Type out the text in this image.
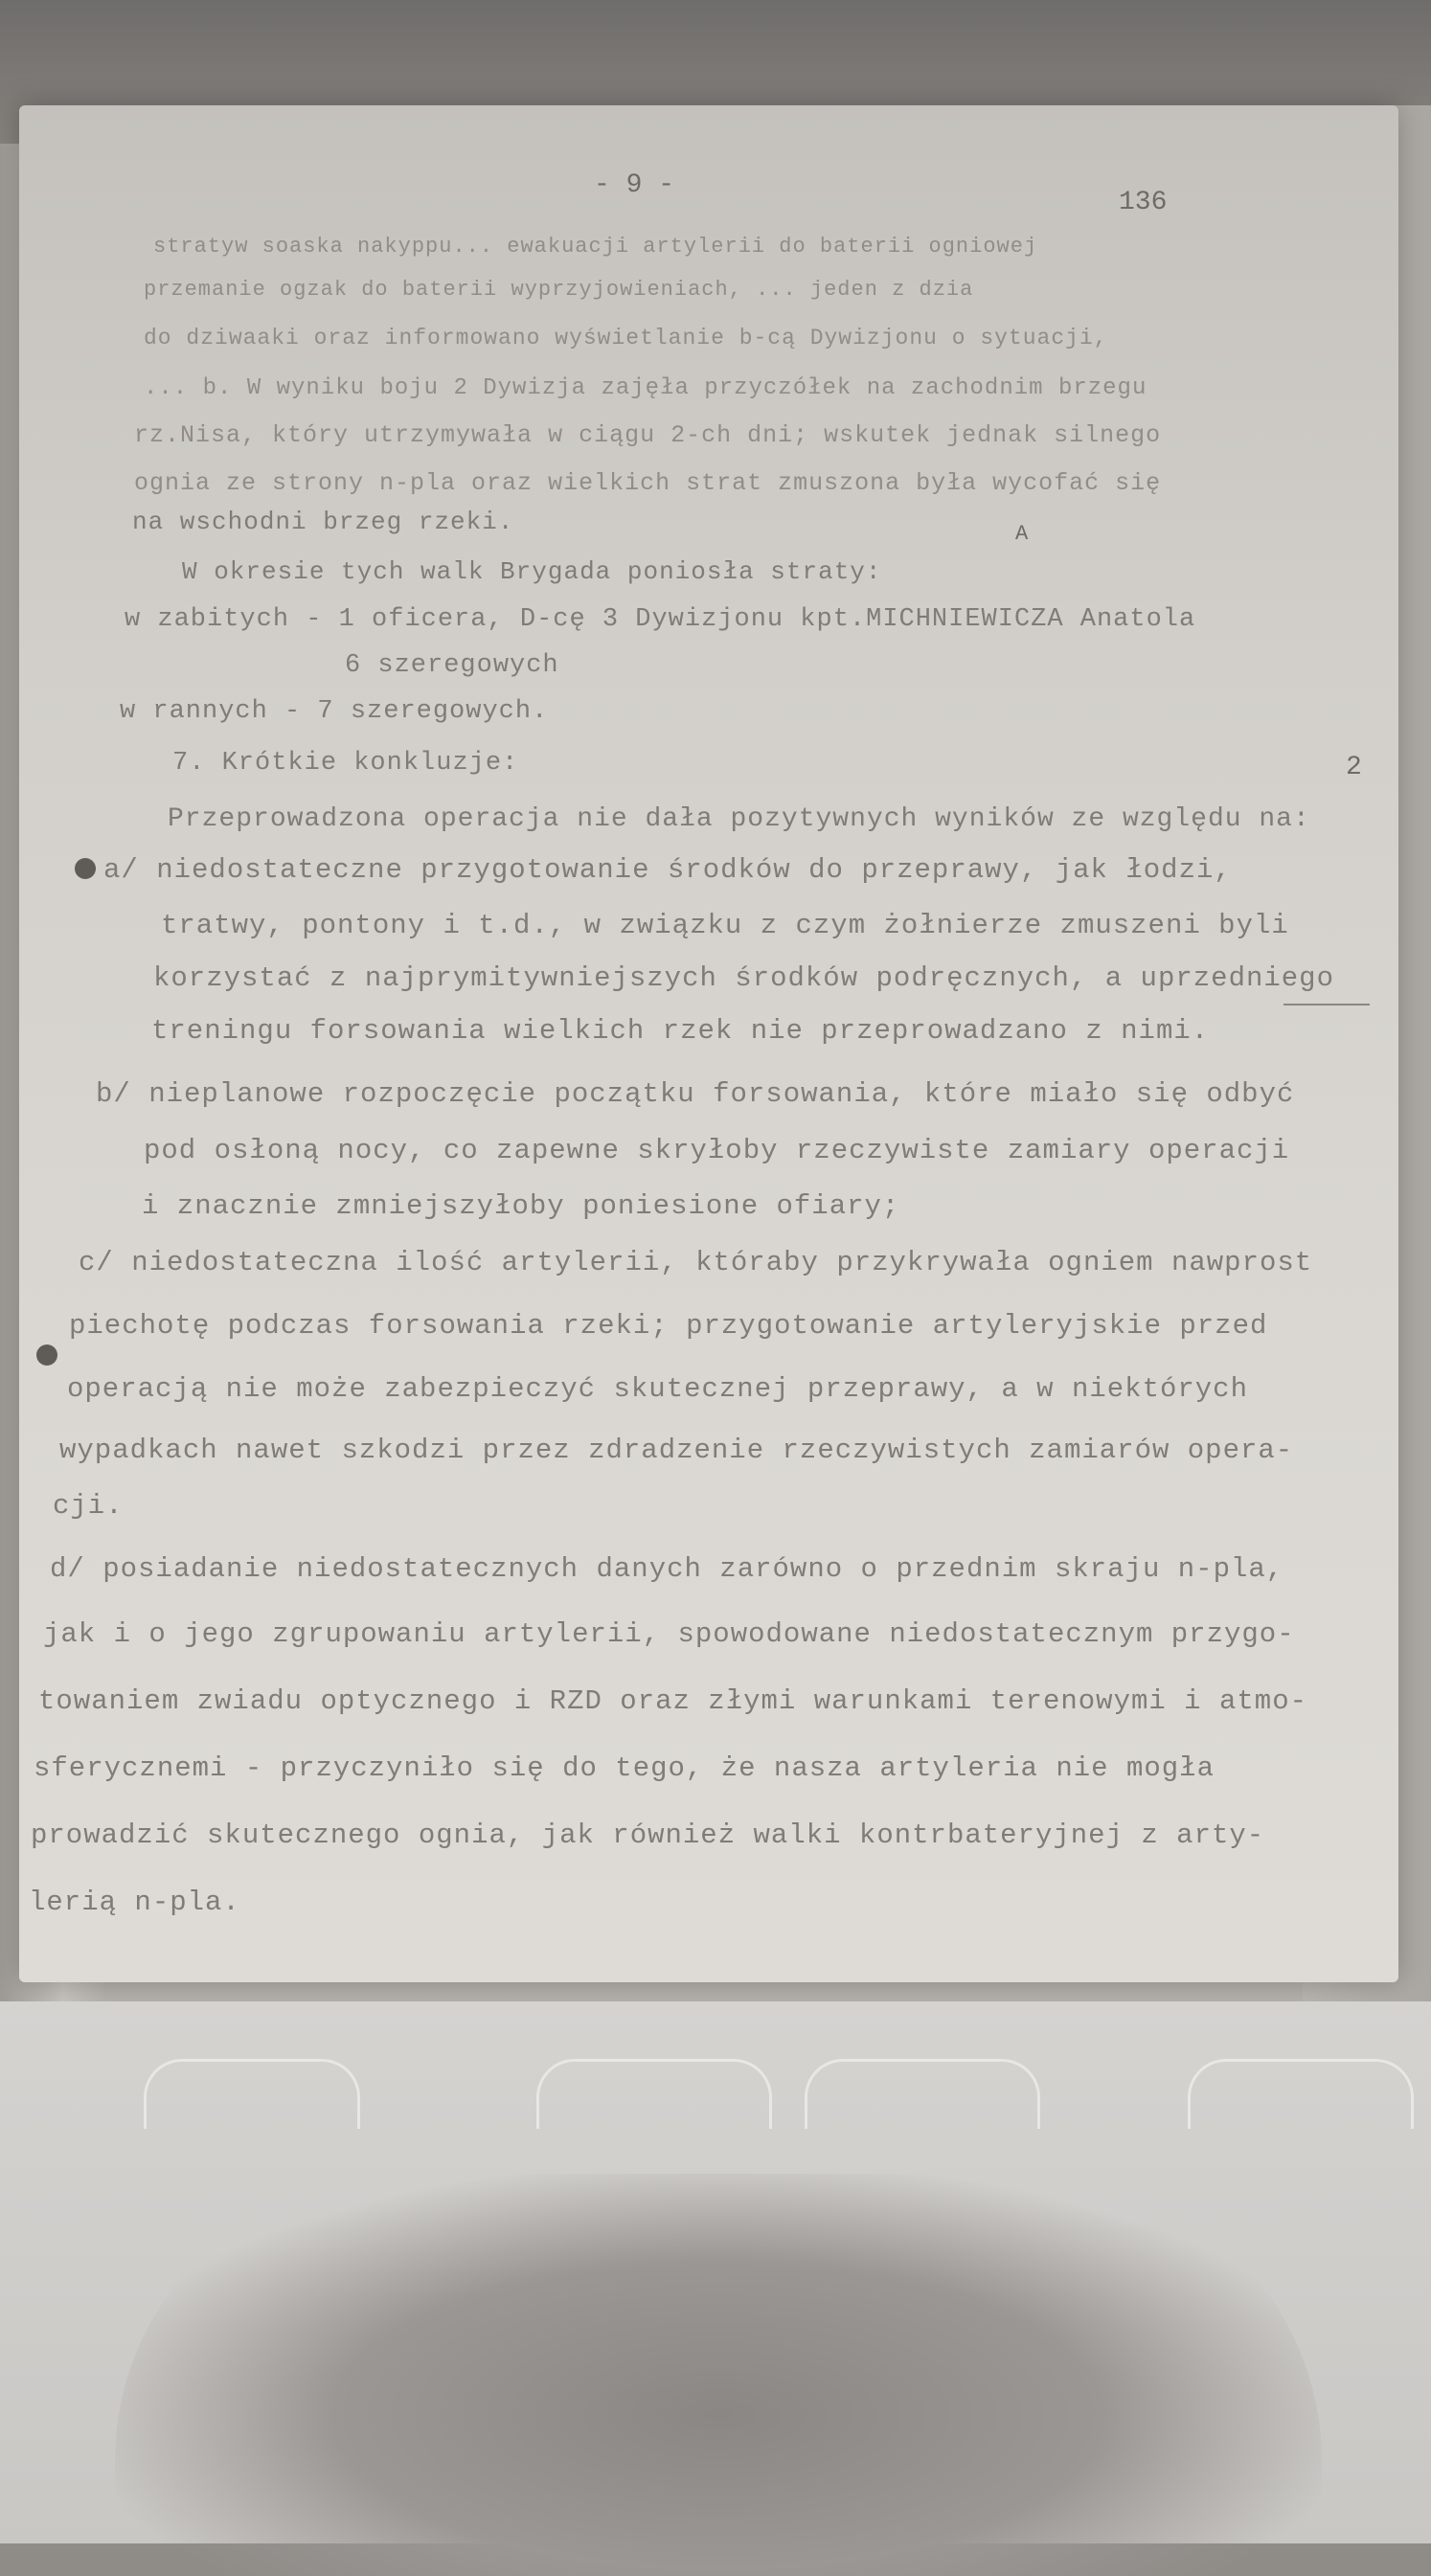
- 9 -
136
2
A
stratyw soaska nakyppu... ewakuacji artylerii do baterii ogniowej
przemanie ogzak do baterii wyprzyjowieniach, ... jeden z dzia
do dziwaaki oraz informowano wyświetlanie b-cą Dywizjonu o sytuacji,
... b. W wyniku boju 2 Dywizja zajęła przyczółek na zachodnim brzegu
rz.Nisa, który utrzymywała w ciągu 2-ch dni; wskutek jednak silnego
ognia ze strony n-pla oraz wielkich strat zmuszona była wycofać się
na wschodni brzeg rzeki.
W okresie tych walk Brygada poniosła straty:
w zabitych - 1 oficera, D-cę 3 Dywizjonu kpt.MICHNIEWICZA Anatola
6 szeregowych
w rannych - 7 szeregowych.
7. Krótkie konkluzje:
Przeprowadzona operacja nie dała pozytywnych wyników ze względu na:
a/ niedostateczne przygotowanie środków do przeprawy, jak łodzi,
tratwy, pontony i t.d., w związku z czym żołnierze zmuszeni byli
korzystać z najprymitywniejszych środków podręcznych, a uprzedniego
treningu forsowania wielkich rzek nie przeprowadzano z nimi.
b/ nieplanowe rozpoczęcie początku forsowania, które miało się odbyć
pod osłoną nocy, co zapewne skryłoby rzeczywiste zamiary operacji
i znacznie zmniejszyłoby poniesione ofiary;
c/ niedostateczna ilość artylerii, któraby przykrywała ogniem nawprost
piechotę podczas forsowania rzeki; przygotowanie artyleryjskie przed
operacją nie może zabezpieczyć skutecznej przeprawy, a w niektórych
wypadkach nawet szkodzi przez zdradzenie rzeczywistych zamiarów opera-
cji.
d/ posiadanie niedostatecznych danych zarówno o przednim skraju n-pla,
jak i o jego zgrupowaniu artylerii, spowodowane niedostatecznym przygo-
towaniem zwiadu optycznego i RZD oraz złymi warunkami terenowymi i atmo-
sferycznemi - przyczyniło się do tego, że nasza artyleria nie mogła
prowadzić skutecznego ognia, jak również walki kontrbateryjnej z arty-
lerią n-pla.
